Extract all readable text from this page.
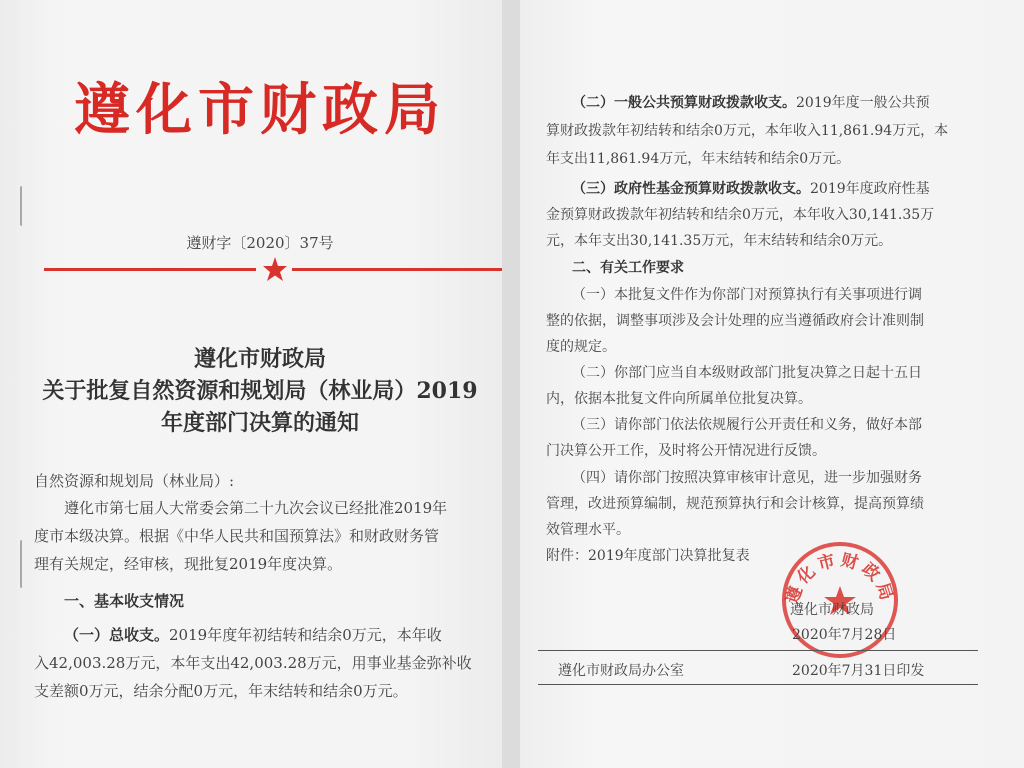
遵化市财政局
遵财字〔2020〕37号
遵化市财政局
关于批复自然资源和规划局（林业局）2019
年度部门决算的通知
自然资源和规划局（林业局）:
遵化市第七届人大常委会第二十九次会议已经批准2019年
度市本级决算。根据《中华人民共和国预算法》和财政财务管
理有关规定，经审核，现批复2019年度决算。
一、基本收支情况
（一）总收支。2019年度年初结转和结余0万元，本年收
入42,003.28万元，本年支出42,003.28万元，用事业基金弥补收
支差额0万元，结余分配0万元，年末结转和结余0万元。
（二）一般公共预算财政拨款收支。2019年度一般公共预
算财政拨款年初结转和结余0万元，本年收入11,861.94万元，本
年支出11,861.94万元，年末结转和结余0万元。
（三）政府性基金预算财政拨款收支。2019年度政府性基
金预算财政拨款年初结转和结余0万元，本年收入30,141.35万
元，本年支出30,141.35万元，年末结转和结余0万元。
二、有关工作要求
（一）本批复文件作为你部门对预算执行有关事项进行调
整的依据，调整事项涉及会计处理的应当遵循政府会计准则制
度的规定。
（二）你部门应当自本级财政部门批复决算之日起十五日
内，依据本批复文件向所属单位批复决算。
（三）请你部门依法依规履行公开责任和义务，做好本部
门决算公开工作，及时将公开情况进行反馈。
（四）请你部门按照决算审核审计意见，进一步加强财务
管理，改进预算编制，规范预算执行和会计核算，提高预算绩
效管理水平。
附件：2019年度部门决算批复表
遵化市财政局
遵化市财政局
2020年7月28日
遵化市财政局办公室	2020年7月31日印发
